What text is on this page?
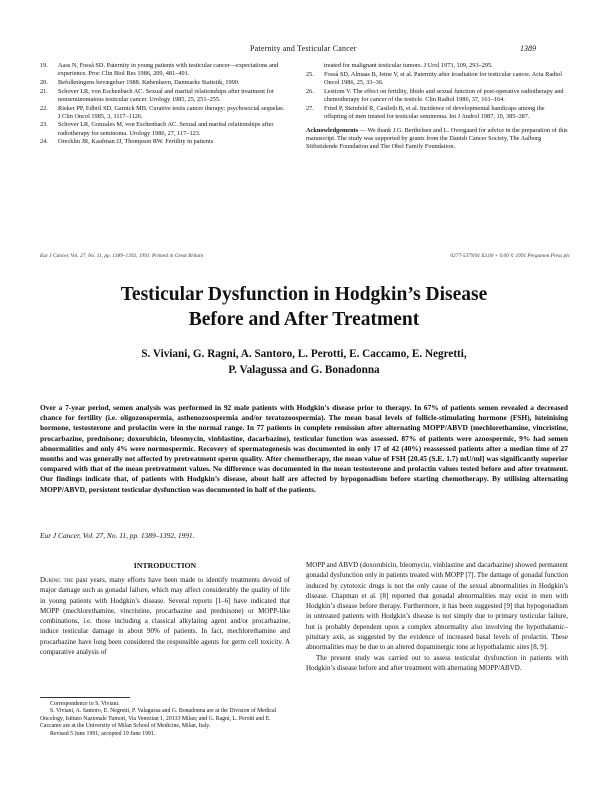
Paternity and Testicular Cancer	1389
19. Aass N, Fosså SD. Paternity in young patients with testicular cancer—expectations and experience. Proc Clin Biol Res 1986, 209, 481–491.
20. Befolkningens bevægelser 1988. København, Danmarks Statistik, 1990.
21. Schover LR, von Eschenbach AC. Sexual and marital relationships after treatment for nonseminomatous testicular cancer. Urology 1985, 25, 251–255.
22. Rieker PP, Edbril SD, Garnick MB. Curative testis cancer therapy: psychosocial sequelae. J Clin Oncol 1985, 3, 1117–1126.
23. Schover LR, Gonzales M, von Eschenbach AC. Sexual and marital relationships after radiotherapy for seminoma. Urology 1986, 27, 117–123.
24. Orecklin JR, Kaufman JJ, Thompson RW. Fertility in patients
treated for malignant testicular tumors. J Urol 1973, 109, 293–295.
25. Fosså SD, Almaas B, Jetne V, et al. Paternity after irradiation for testicular cancer. Acta Radiol Oncol 1986, 25, 33–36.
26. Lestiom V. The effect on fertility, libido and sexual function of post-operative radiotherapy and chemotherapy for cancer of the testicle. Clin Radiol 1986, 37, 161–164.
27. Fried P, Steinfeld R, Casileth B, et al. Incidence of developmental handicaps among the offspring of men treated for testicular seminoma. Int J Androl 1987, 10, 385–387.
Acknowledgements — We thank J.G. Berthelsen and L. Overgaard for advice in the preparation of this manuscript. The study was supported by grants from the Danish Cancer Society, The Aalborg Stiftstidende Foundation and The Obel Family Foundation.
Eur J Cancer, Vol. 27, No. 11, pp. 1389–1392, 1991. Printed in Great Britain	0277-5379/91 $3.00 + 0.00 © 1991 Pergamon Press plc
Testicular Dysfunction in Hodgkin’s Disease
Before and After Treatment
S. Viviani, G. Ragni, A. Santoro, L. Perotti, E. Caccamo, E. Negretti,
P. Valagussa and G. Bonadonna
Over a 7-year period, semen analysis was performed in 92 male patients with Hodgkin’s disease prior to therapy. In 67% of patients semen revealed a decreased chance for fertility (i.e. oligozoospermia, asthenozoospermia and/or teratozoospermia). The mean basal levels of follicle-stimulating hormone (FSH), luteinising hormone, testosterone and prolactin were in the normal range. In 77 patients in complete remission after alternating MOPP/ABVD (mechlorethamine, vincristine, procarbazine, prednisone; doxorubicin, bleomycin, vinblastine, dacarbazine), testicular function was assessed. 87% of patients were azoospermic, 9% had semen abnormalities and only 4% were normospermic. Recovery of spermatogenesis was documented in only 17 of 42 (40%) reassessed patients after a median time of 27 months and was generally not affected by pretreatment sperm quality. After chemotherapy, the mean value of FSH [20.45 (S.E. 1.7) mU/ml] was significantly superior compared with that of the mean pretreatment values. No difference was documented in the mean testosterone and prolactin values tested before and after treatment. Our findings indicate that, of patients with Hodgkin’s disease, about half are affected by hypogonadism before starting chemotherapy. By utilising alternating MOPP/ABVD, persistent testicular dysfunction was documented in half of the patients.
Eur J Cancer, Vol. 27, No. 11, pp. 1389–1392, 1991.
INTRODUCTION
During the past years, many efforts have been made to identify treatments devoid of major damage such as gonadal failure, which may affect considerably the quality of life in young patients with Hodgkin’s disease. Several reports [1–6] have indicated that MOPP (mechlorethamine, vincristine, procarbazine and prednisone) or MOPP-like combinations, i.e. those including a classical alkylating agent and/or procarbazine, induce testicular damage in about 90% of patients. In fact, mechlorethamine and procarbazine have long been considered the responsible agents for germ cell toxicity. A comparative analysis of
MOPP and ABVD (doxorubicin, bleomycin, vinblastine and dacarbazine) showed permanent gonadal dysfunction only in patients treated with MOPP [7]. The damage of gonadal function induced by cytotoxic drugs is not the only cause of the sexual abnormalities in Hodgkin’s disease. Chapman et al. [8] reported that gonadal abnormalities may exist in men with Hodgkin’s disease before therapy. Furthermore, it has been suggested [9] that hypogonadism in untreated patients with Hodgkin’s disease is not simply due to primary testicular failure, but is probably dependent upon a complex abnormality also involving the hypothalamic–pituitary axis, as suggested by the evidence of increased basal levels of prolactin. These abnormalities may be due to an altered dopaminergic tone at hypothalamic sites [8, 9].
The present study was carried out to assess testicular dysfunction in patients with Hodgkin’s disease before and after treatment with alternating MOPP/ABVD.
Correspondence to S. Viviani.
S. Viviani, A. Santoro, E. Negretti, P. Valagussa and G. Bonadonna are at the Division of Medical Oncology, Istituto Nazionale Tumori, Via Venezian 1, 20133 Milan; and G. Ragni, L. Perotti and E. Caccamo are at the University of Milan School of Medicine, Milan, Italy.
Revised 5 June 1991; accepted 19 June 1991.
